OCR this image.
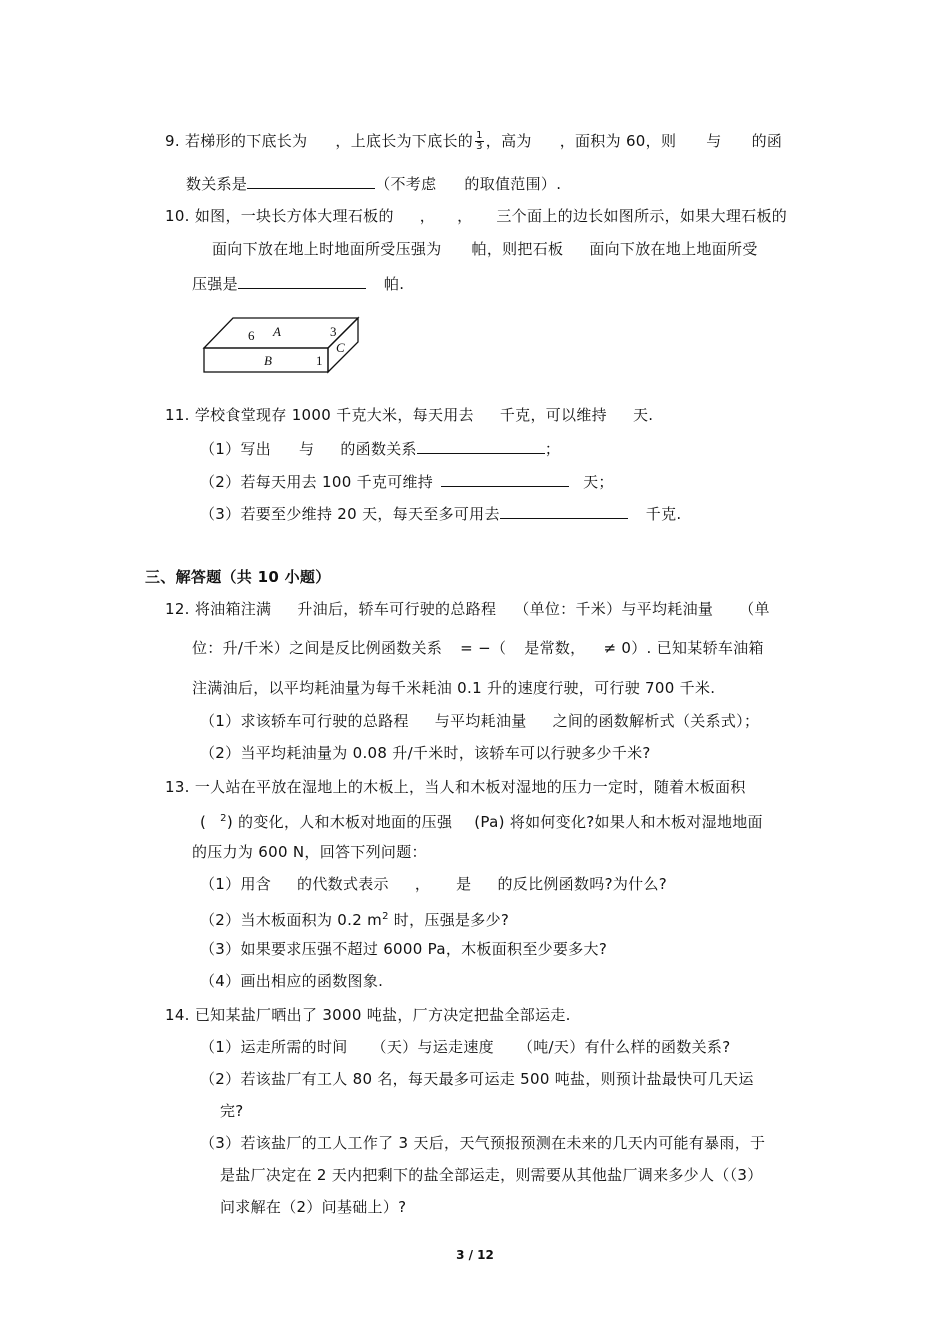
9. 若梯形的下底长为 ，上底长为下底长的 $\frac{1}{3}$ ，高为 ，面积为 60，则 与 的函
数关系是	（不考虑 的取值范围）.
10. 如图，一块长方体大理石板的 ， ， 三个面上的边长如图所示，如果大理石板的
面向下放在地上时地面所受压强为 帕，则把石板 面向下放在地上地面所受
压强是	帕.
6 A	3
B
C
1
11. 学校食堂现存 1000 千克大米，每天用去 千克，可以维持 天.
（1）写出 与 的函数关系	；
（2）若每天用去 100 千克可维持	天；
（3）若要至少维持 20 天，每天至多可用去	千克.
三、解答题（共 10 小题）
12. 将油箱注满 升油后，轿车可行驶的总路程 （单位：千米）与平均耗油量 （单
位：升/千米）之间是反比例函数关系 = −（ 是常数， ≠ 0）. 已知某轿车油箱
注满油后，以平均耗油量为每千米耗油 0.1 升的速度行驶，可行驶 700 千米.
（1）求该轿车可行驶的总路程 与平均耗油量 之间的函数解析式（关系式）；
（2）当平均耗油量为 0.08 升/千米时，该轿车可以行驶多少千米?
13. 一人站在平放在湿地上的木板上，当人和木板对湿地的压力一定时，随着木板面积
( $^2$) 的变化，人和木板对地面的压强 (Pa) 将如何变化?如果人和木板对湿地地面
的压力为 600 N，回答下列问题：
（1）用含 的代数式表示 ， 是 的反比例函数吗?为什么?
（2）当木板面积为 0.2 $m^2$ 时，压强是多少?
（3）如果要求压强不超过 6000 Pa，木板面积至少要多大?
（4）画出相应的函数图象.
14. 已知某盐厂晒出了 3000 吨盐，厂方决定把盐全部运走.
（1）运走所需的时间 （天）与运走速度 （吨/天）有什么样的函数关系?
（2）若该盐厂有工人 80 名，每天最多可运走 500 吨盐，则预计盐最快可几天运
完?
（3）若该盐厂的工人工作了 3 天后，天气预报预测在未来的几天内可能有暴雨，于
是盐厂决定在 2 天内把剩下的盐全部运走，则需要从其他盐厂调来多少人（（3）
问求解在（2）问基础上）?
3 / 12
